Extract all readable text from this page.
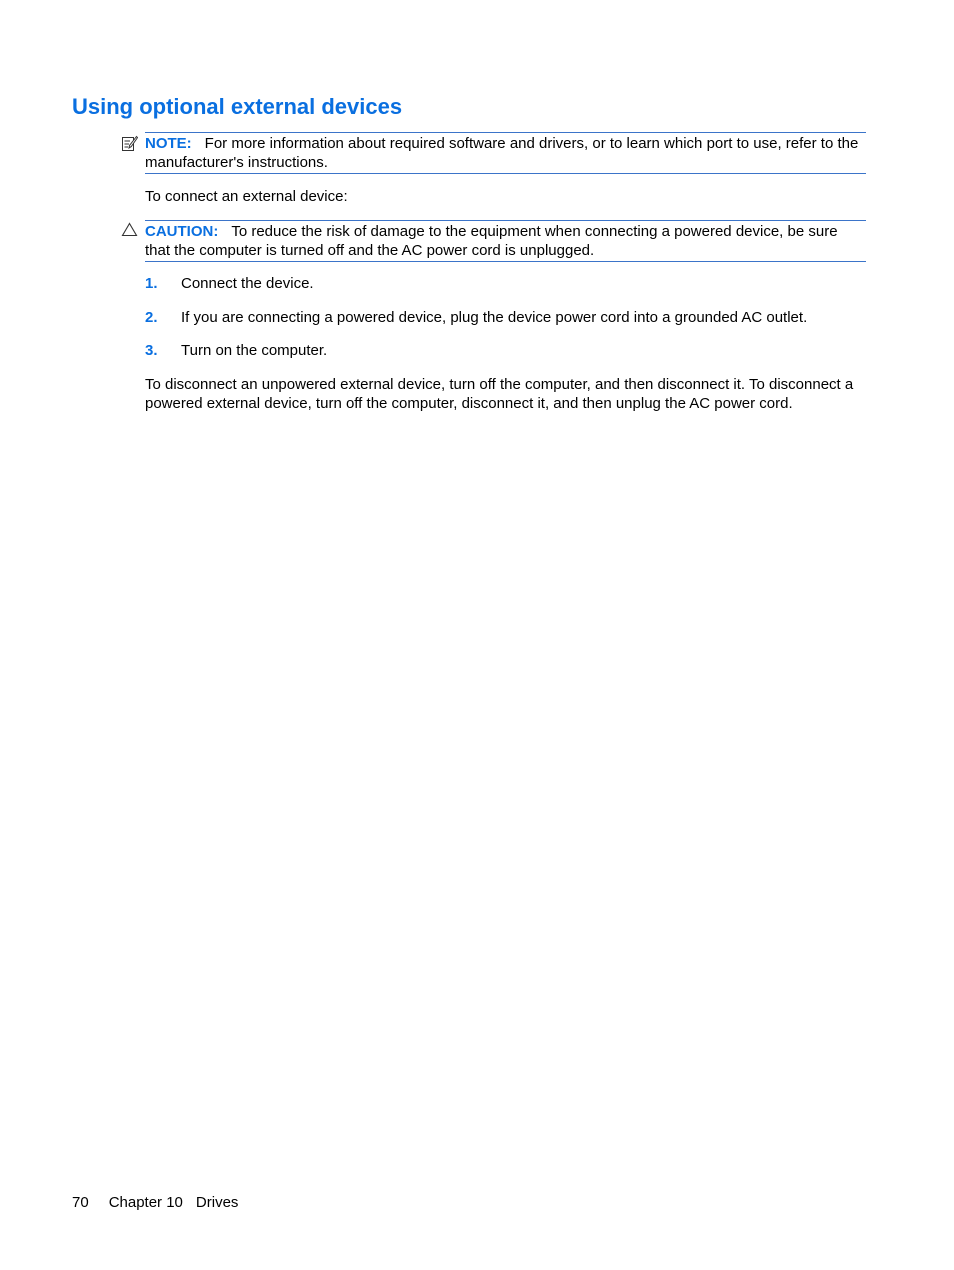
Using optional external devices
NOTE: For more information about required software and drivers, or to learn which port to use, refer to the manufacturer's instructions.

To connect an external device:

CAUTION: To reduce the risk of damage to the equipment when connecting a powered device, be sure that the computer is turned off and the AC power cord is unplugged.
1. Connect the device.
2. If you are connecting a powered device, plug the device power cord into a grounded AC outlet.
3. Turn on the computer.

To disconnect an unpowered external device, turn off the computer, and then disconnect it. To disconnect a powered external device, turn off the computer, disconnect it, and then unplug the AC power cord.

70 Chapter 10 Drives
